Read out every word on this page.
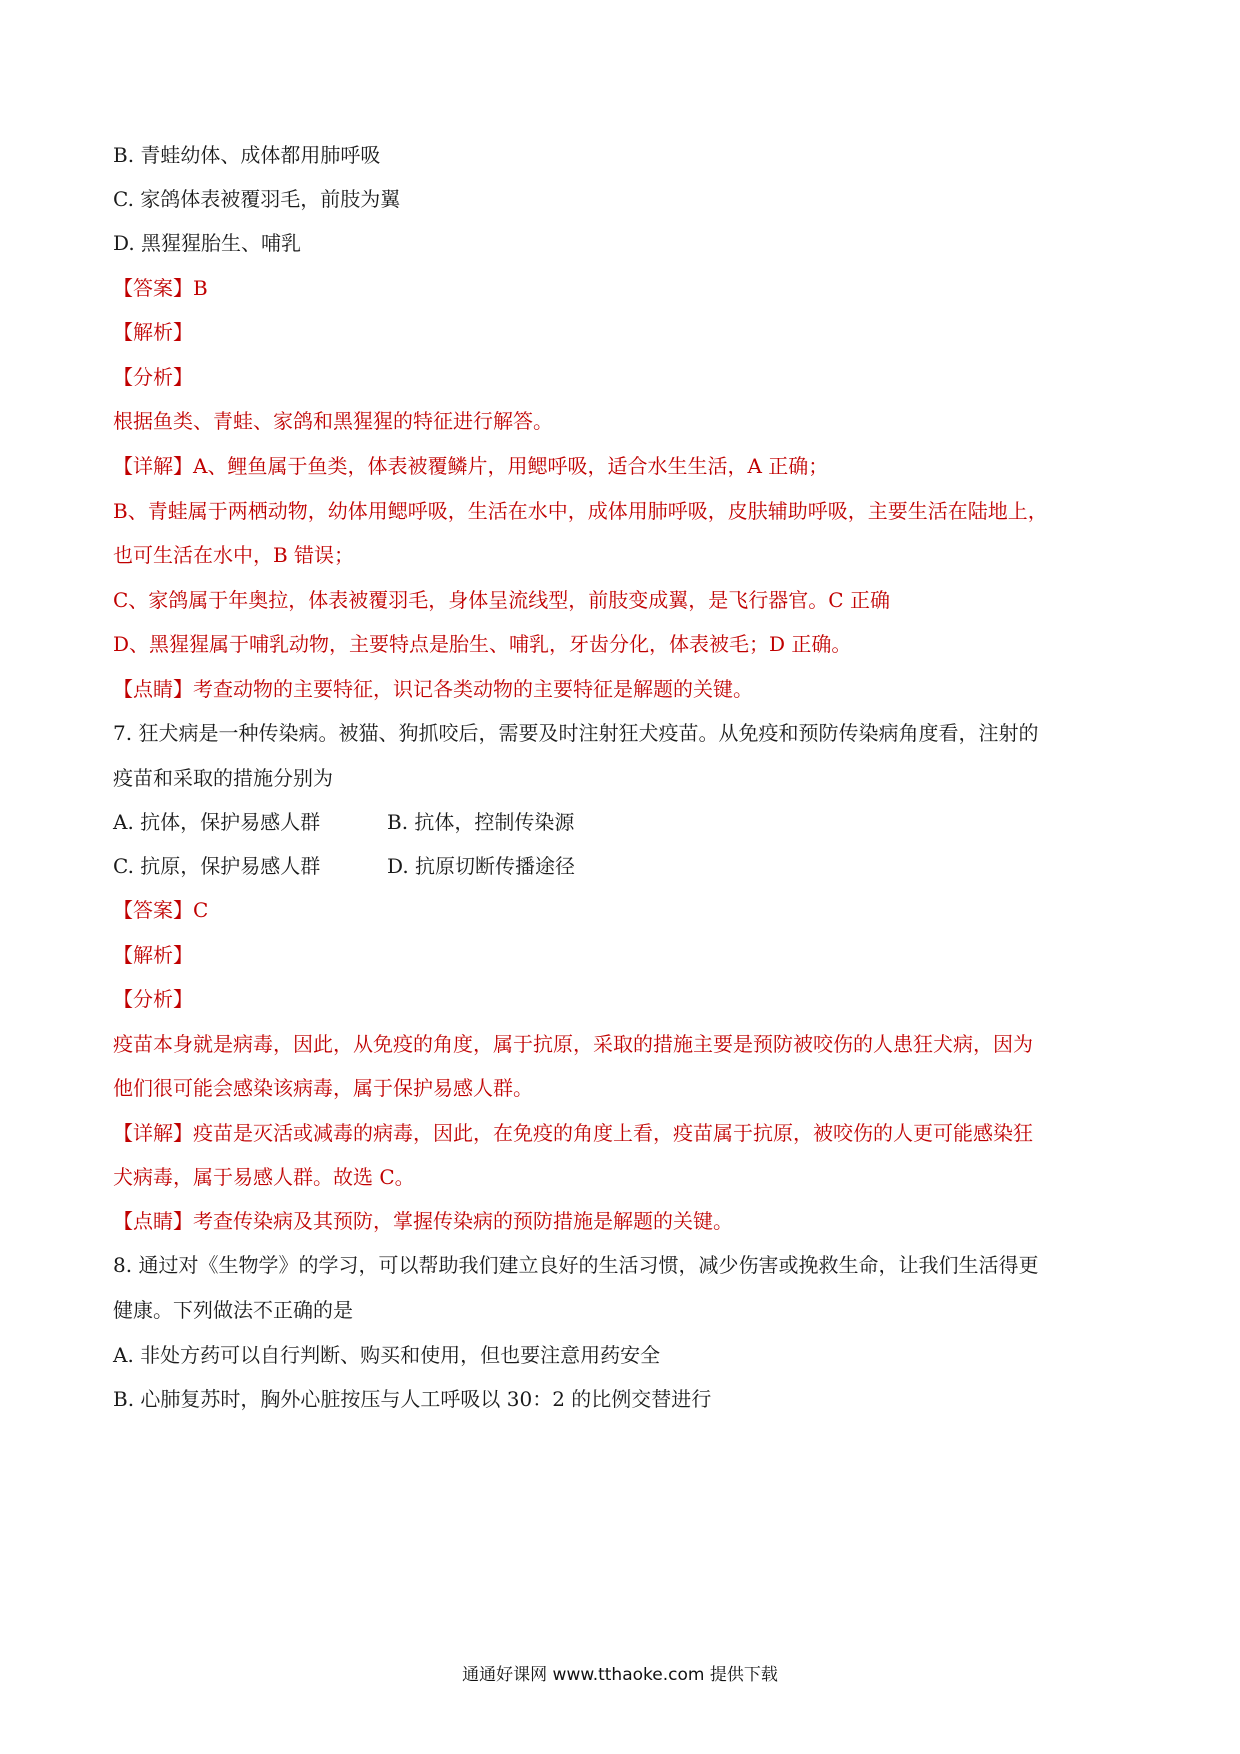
B. 青蛙幼体、成体都用肺呼吸
C. 家鸽体表被覆羽毛，前肢为翼
D. 黑猩猩胎生、哺乳
【答案】B
【解析】
【分析】
根据鱼类、青蛙、家鸽和黑猩猩的特征进行解答。
【详解】A、鲤鱼属于鱼类，体表被覆鳞片，用鳃呼吸，适合水生生活，A 正确；
B、青蛙属于两栖动物，幼体用鳃呼吸，生活在水中，成体用肺呼吸，皮肤辅助呼吸，主要生活在陆地上，
也可生活在水中，B 错误；
C、家鸽属于年奥拉，体表被覆羽毛，身体呈流线型，前肢变成翼，是飞行器官。C 正确
D、黑猩猩属于哺乳动物，主要特点是胎生、哺乳，牙齿分化，体表被毛；D 正确。
【点睛】考查动物的主要特征，识记各类动物的主要特征是解题的关键。
7. 狂犬病是一种传染病。被猫、狗抓咬后，需要及时注射狂犬疫苗。从免疫和预防传染病角度看，注射的
疫苗和采取的措施分别为
A. 抗体，保护易感人群	B. 抗体，控制传染源
C. 抗原，保护易感人群	D. 抗原切断传播途径
【答案】C
【解析】
【分析】
疫苗本身就是病毒，因此，从免疫的角度，属于抗原，采取的措施主要是预防被咬伤的人患狂犬病，因为
他们很可能会感染该病毒，属于保护易感人群。
【详解】疫苗是灭活或减毒的病毒，因此，在免疫的角度上看，疫苗属于抗原，被咬伤的人更可能感染狂
犬病毒，属于易感人群。故选 C。
【点睛】考查传染病及其预防，掌握传染病的预防措施是解题的关键。
8. 通过对《生物学》的学习，可以帮助我们建立良好的生活习惯，减少伤害或挽救生命，让我们生活得更
健康。下列做法不正确的是
A. 非处方药可以自行判断、购买和使用，但也要注意用药安全
B. 心肺复苏时，胸外心脏按压与人工呼吸以 30：2 的比例交替进行
通通好课网 www.tthaoke.com 提供下载
